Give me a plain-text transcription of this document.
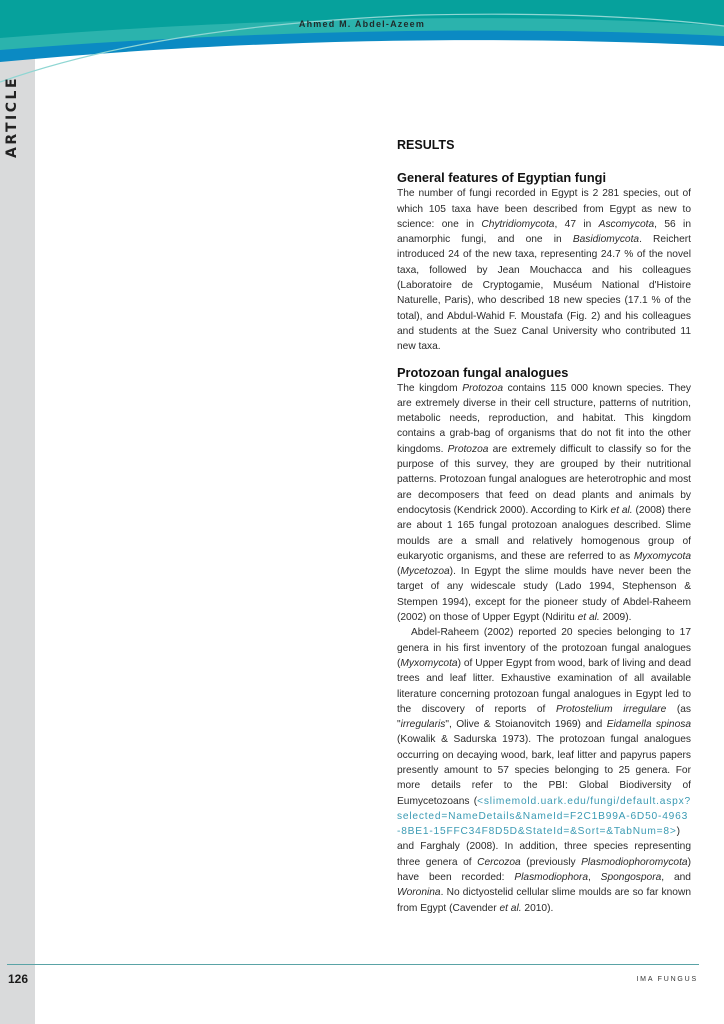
Ahmed M. Abdel-Azeem
ARTICLE	RESULTS
General features of Egyptian fungi

The number of fungi recorded in Egypt is 2 281 species, out of which 105 taxa have been described from Egypt as new to science: one in Chytridiomycota, 47 in Ascomycota, 56 in anamorphic fungi, and one in Basidiomycota. Reichert introduced 24 of the new taxa, representing 24.7 % of the novel taxa, followed by Jean Mouchacca and his colleagues (Laboratoire de Cryptogamie, Muséum National d'Histoire Naturelle, Paris), who described 18 new species (17.1 % of the total), and Abdul-Wahid F. Moustafa (Fig. 2) and his colleagues and students at the Suez Canal University who contributed 11 new taxa.

Protozoan fungal analogues

The kingdom Protozoa contains 115 000 known species. They are extremely diverse in their cell structure, patterns of nutrition, metabolic needs, reproduction, and habitat. This kingdom contains a grab-bag of organisms that do not fit into the other kingdoms. Protozoa are extremely difficult to classify so for the purpose of this survey, they are grouped by their nutritional patterns. Protozoan fungal analogues are heterotrophic and most are decomposers that feed on dead plants and animals by endocytosis (Kendrick 2000). According to Kirk et al. (2008) there are about 1 165 fungal protozoan analogues described. Slime moulds are a small and relatively homogenous group of eukaryotic organisms, and these are referred to as Myxomycota (Mycetozoa). In Egypt the slime moulds have never been the target of any widescale study (Lado 1994, Stephenson & Stempen 1994), except for the pioneer study of Abdel-Raheem (2002) on those of Upper Egypt (Ndiritu et al. 2009).

Abdel-Raheem (2002) reported 20 species belonging to 17 genera in his first inventory of the protozoan fungal analogues (Myxomycota) of Upper Egypt from wood, bark of living and dead trees and leaf litter. Exhaustive examination of all available literature concerning protozoan fungal analogues in Egypt led to the discovery of reports of Protostelium irregulare (as "irregularis", Olive & Stoianovitch 1969) and Eidamella spinosa (Kowalik & Sadurska 1973). The protozoan fungal analogues occurring on decaying wood, bark, leaf litter and papyrus papers presently amount to 57 species belonging to 25 genera. For more details refer to the PBI: Global Biodiversity of Eumycetozoans (<slimemold.uark.edu/fungi/default.aspx?selected=NameDetails&NameId=F2C1B99A-6D50-4963-8BE1-15FFC34F8D5D&StateId=&Sort=&TabNum=8>) and Farghaly (2008). In addition, three species representing three genera of Cercozoa (previously Plasmodiophoromycota) have been recorded: Plasmodiophora, Spongospora, and Woronina. No dictyostelid cellular slime moulds are so far known from Egypt (Cavender et al. 2010).

126	IMA FUNGUS
